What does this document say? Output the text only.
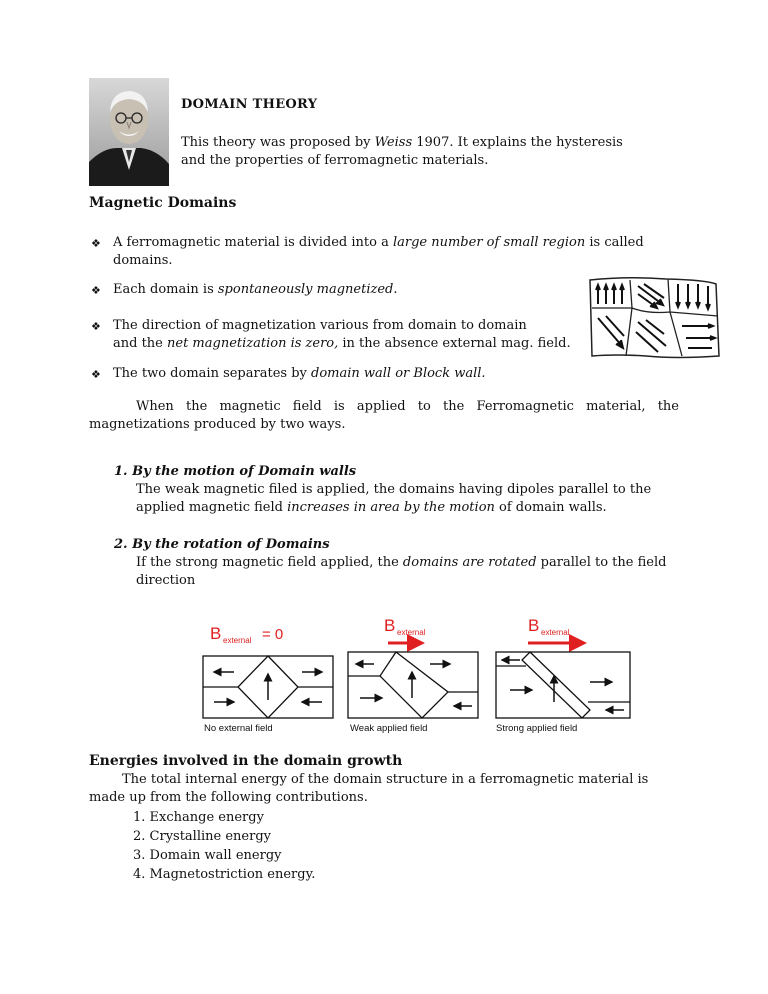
DOMAIN THEORY

This theory was proposed by Weiss 1907. It explains the hysteresis

and the properties of ferromagnetic materials.

Magnetic Domains
❖ A ferromagnetic material is divided into a large number of small region is called
domains.
❖ Each domain is spontaneously magnetized.
❖ The direction of magnetization various from domain to domain
and the net magnetization is zero, in the absence external mag. field.
❖ The two domain separates by domain wall or Block wall.
When the magnetic field is applied to the Ferromagnetic material, the
magnetizations produced by two ways.
1. By the motion of Domain walls
The weak magnetic filed is applied, the domains having dipoles parallel to the
applied magnetic field increases in area by the motion of domain walls.
2. By the rotation of Domains
If the strong magnetic field applied, the domains are rotated parallel to the field
direction
B external = 0
No external field
B external
Weak applied field
B external
Strong applied field
Energies involved in the domain growth
The total internal energy of the domain structure in a ferromagnetic material is
made up from the following contributions.
1. Exchange energy
2. Crystalline energy
3. Domain wall energy
4. Magnetostriction energy.
